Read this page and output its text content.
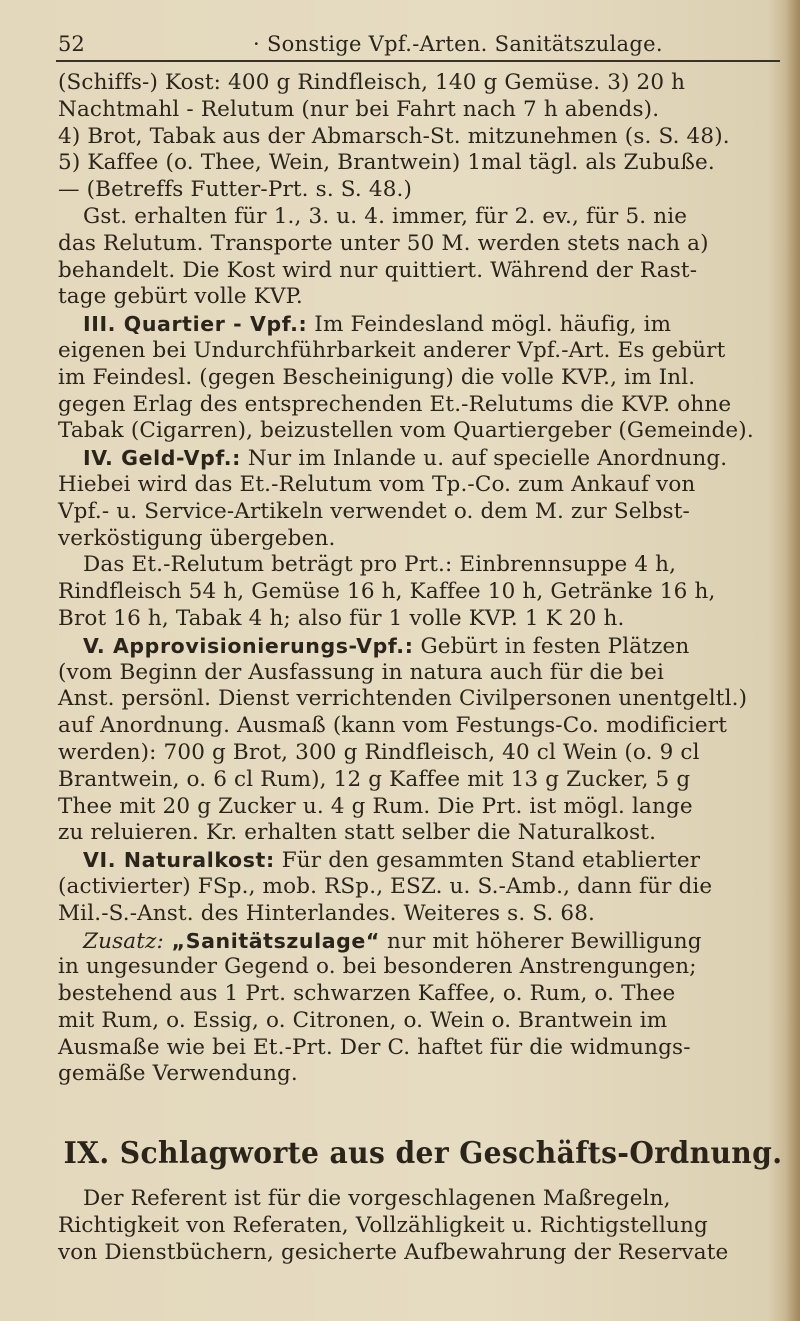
52	· Sonstige Vpf.-Arten. Sanitätszulage.
(Schiffs-) Kost: 400 g Rindfleisch, 140 g Gemüse. 3) 20 h
Nachtmahl - Relutum (nur bei Fahrt nach 7 h abends).
4) Brot, Tabak aus der Abmarsch-St. mitzunehmen (s. S. 48).
5) Kaffee (o. Thee, Wein, Brantwein) 1mal tägl. als Zubuße.
— (Betreffs Futter-Prt. s. S. 48.)
Gst. erhalten für 1., 3. u. 4. immer, für 2. ev., für 5. nie
das Relutum. Transporte unter 50 M. werden stets nach a)
behandelt. Die Kost wird nur quittiert. Während der Rast-
tage gebürt volle KVP.
III. Quartier - Vpf.: Im Feindesland mögl. häufig, im
eigenen bei Undurchführbarkeit anderer Vpf.-Art. Es gebürt
im Feindesl. (gegen Bescheinigung) die volle KVP., im Inl.
gegen Erlag des entsprechenden Et.-Relutums die KVP. ohne
Tabak (Cigarren), beizustellen vom Quartiergeber (Gemeinde).
IV. Geld-Vpf.: Nur im Inlande u. auf specielle Anordnung.
Hiebei wird das Et.-Relutum vom Tp.-Co. zum Ankauf von
Vpf.- u. Service-Artikeln verwendet o. dem M. zur Selbst-
verköstigung übergeben.
Das Et.-Relutum beträgt pro Prt.: Einbrennsuppe 4 h,
Rindfleisch 54 h, Gemüse 16 h, Kaffee 10 h, Getränke 16 h,
Brot 16 h, Tabak 4 h; also für 1 volle KVP. 1 K 20 h.
V. Approvisionierungs-Vpf.: Gebürt in festen Plätzen
(vom Beginn der Ausfassung in natura auch für die bei
Anst. persönl. Dienst verrichtenden Civilpersonen unentgeltl.)
auf Anordnung. Ausmaß (kann vom Festungs-Co. modificiert
werden): 700 g Brot, 300 g Rindfleisch, 40 cl Wein (o. 9 cl
Brantwein, o. 6 cl Rum), 12 g Kaffee mit 13 g Zucker, 5 g
Thee mit 20 g Zucker u. 4 g Rum. Die Prt. ist mögl. lange
zu reluieren. Kr. erhalten statt selber die Naturalkost.
VI. Naturalkost: Für den gesammten Stand etablierter
(activierter) FSp., mob. RSp., ESZ. u. S.-Amb., dann für die
Mil.-S.-Anst. des Hinterlandes. Weiteres s. S. 68.
Zusatz: „Sanitätszulage“ nur mit höherer Bewilligung
in ungesunder Gegend o. bei besonderen Anstrengungen;
bestehend aus 1 Prt. schwarzen Kaffee, o. Rum, o. Thee
mit Rum, o. Essig, o. Citronen, o. Wein o. Brantwein im
Ausmaße wie bei Et.-Prt. Der C. haftet für die widmungs-
gemäße Verwendung.
IX. Schlagworte aus der Geschäfts-Ordnung.
Der Referent ist für die vorgeschlagenen Maßregeln,
Richtigkeit von Referaten, Vollzähligkeit u. Richtigstellung
von Dienstbüchern, gesicherte Aufbewahrung der Reservate
